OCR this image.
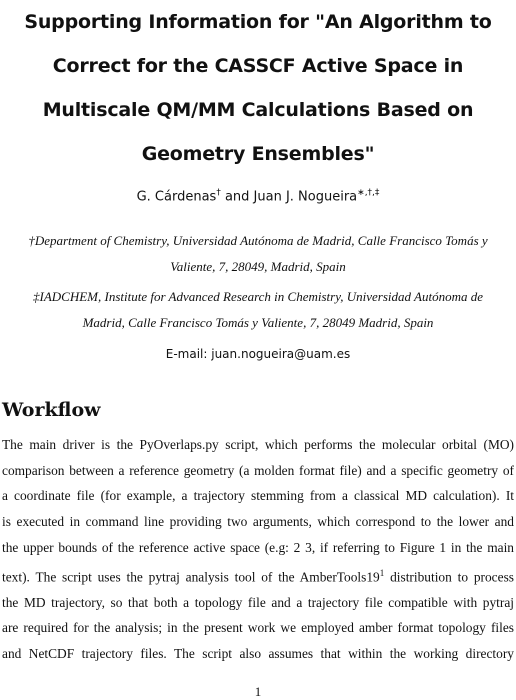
Supporting Information for "An Algorithm to
Correct for the CASSCF Active Space in
Multiscale QM/MM Calculations Based on
Geometry Ensembles"
G. Cárdenas† and Juan J. Nogueira∗,†,‡
†Department of Chemistry, Universidad Autónoma de Madrid, Calle Francisco Tomás y
Valiente, 7, 28049, Madrid, Spain
‡IADCHEM, Institute for Advanced Research in Chemistry, Universidad Autónoma de
Madrid, Calle Francisco Tomás y Valiente, 7, 28049 Madrid, Spain
E-mail: juan.nogueira@uam.es
Workflow
The main driver is the PyOverlaps.py script, which performs the molecular orbital (MO)
comparison between a reference geometry (a molden format file) and a specific geometry of
a coordinate file (for example, a trajectory stemming from a classical MD calculation). It
is executed in command line providing two arguments, which correspond to the lower and
the upper bounds of the reference active space (e.g: 2 3, if referring to Figure 1 in the main
text). The script uses the pytraj analysis tool of the $AmberTools19^1$ distribution to process
the MD trajectory, so that both a topology file and a trajectory file compatible with pytraj
are required for the analysis; in the present work we employed amber format topology files
and NetCDF trajectory files. The script also assumes that within the working directory
1
